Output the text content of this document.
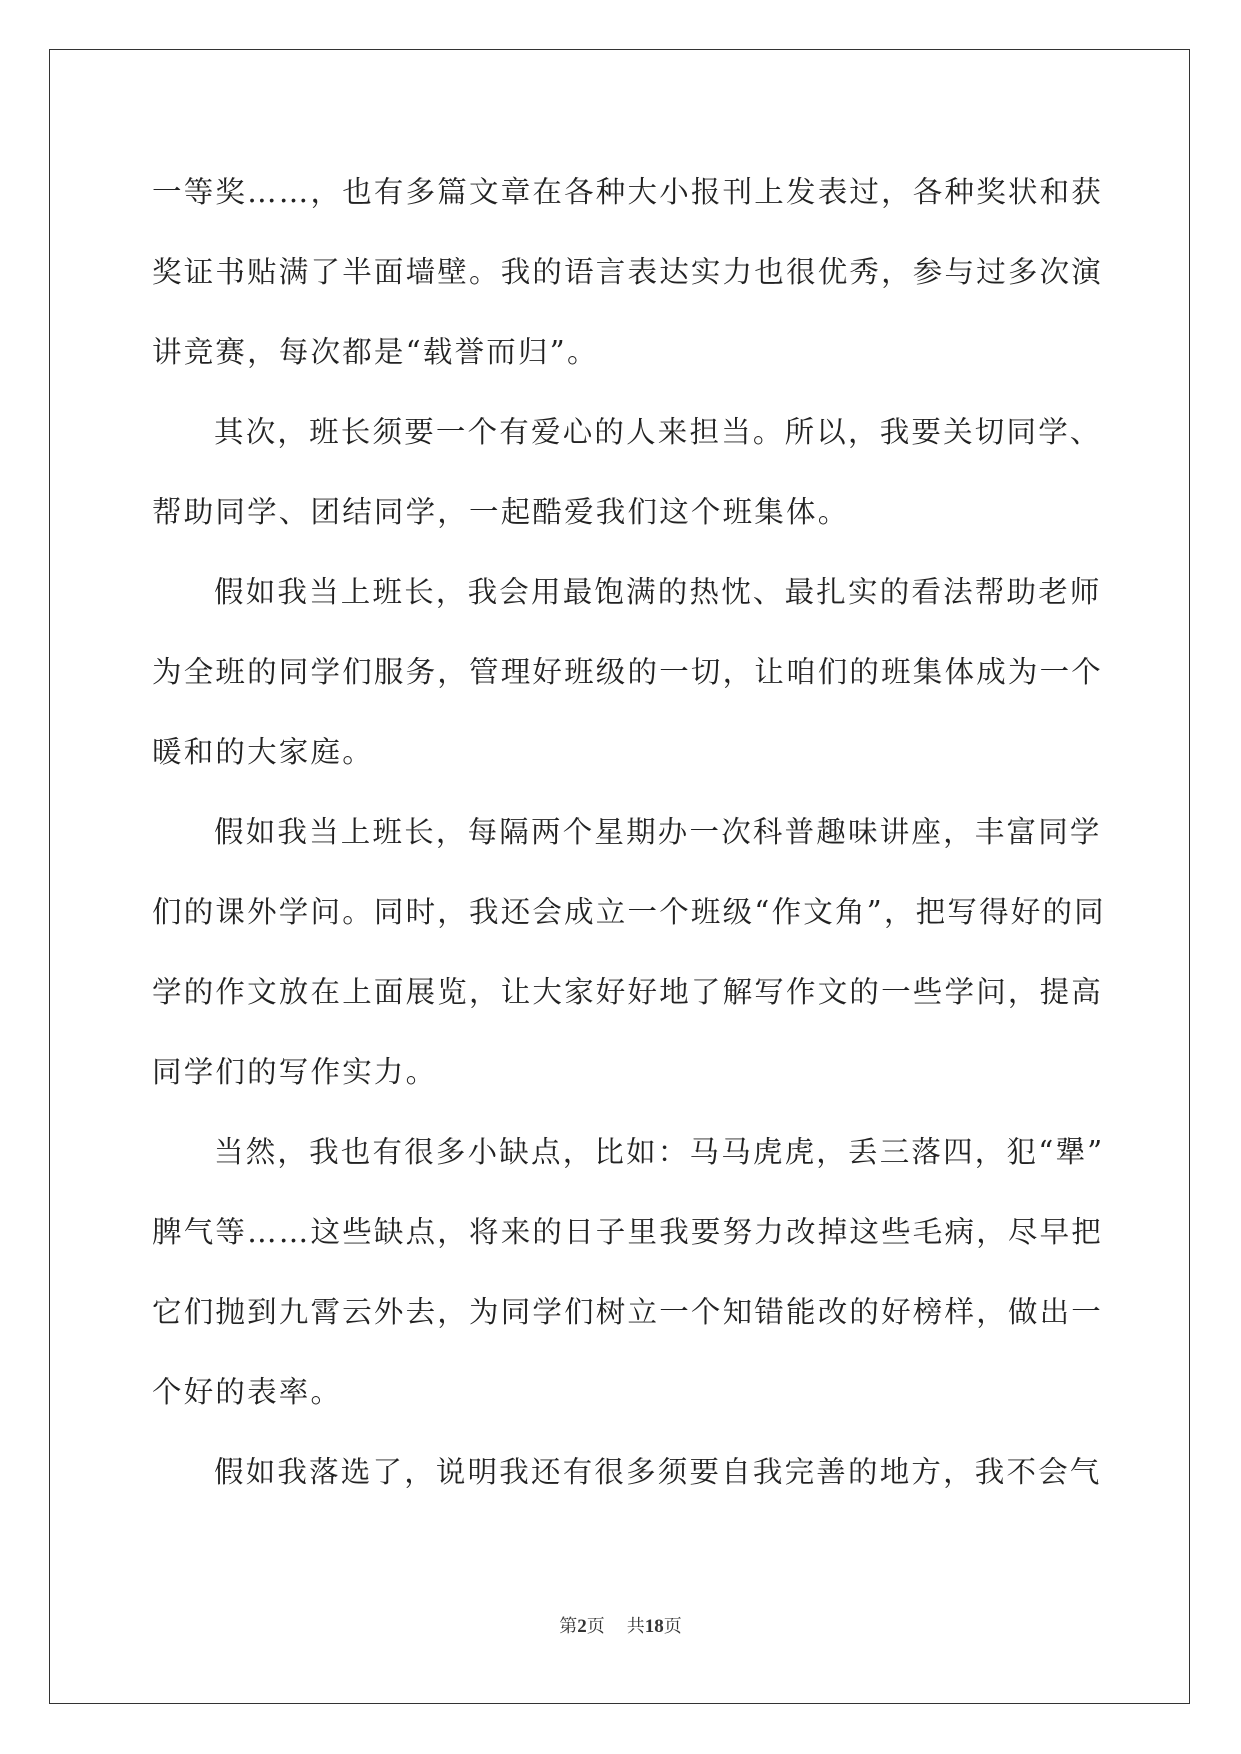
一等奖……，也有多篇文章在各种大小报刊上发表过，各种奖状和获
奖证书贴满了半面墙壁。我的语言表达实力也很优秀，参与过多次演
讲竞赛，每次都是“载誉而归”。
其次，班长须要一个有爱心的人来担当。所以，我要关切同学、
帮助同学、团结同学，一起酷爱我们这个班集体。
假如我当上班长，我会用最饱满的热忱、最扎实的看法帮助老师
为全班的同学们服务，管理好班级的一切，让咱们的班集体成为一个
暖和的大家庭。
假如我当上班长，每隔两个星期办一次科普趣味讲座，丰富同学
们的课外学问。同时，我还会成立一个班级“作文角”，把写得好的同
学的作文放在上面展览，让大家好好地了解写作文的一些学问，提高
同学们的写作实力。
当然，我也有很多小缺点，比如：马马虎虎，丢三落四，犯“犟”
脾气等……这些缺点，将来的日子里我要努力改掉这些毛病，尽早把
它们抛到九霄云外去，为同学们树立一个知错能改的好榜样，做出一
个好的表率。
假如我落选了，说明我还有很多须要自我完善的地方，我不会气
第2页 共18页
